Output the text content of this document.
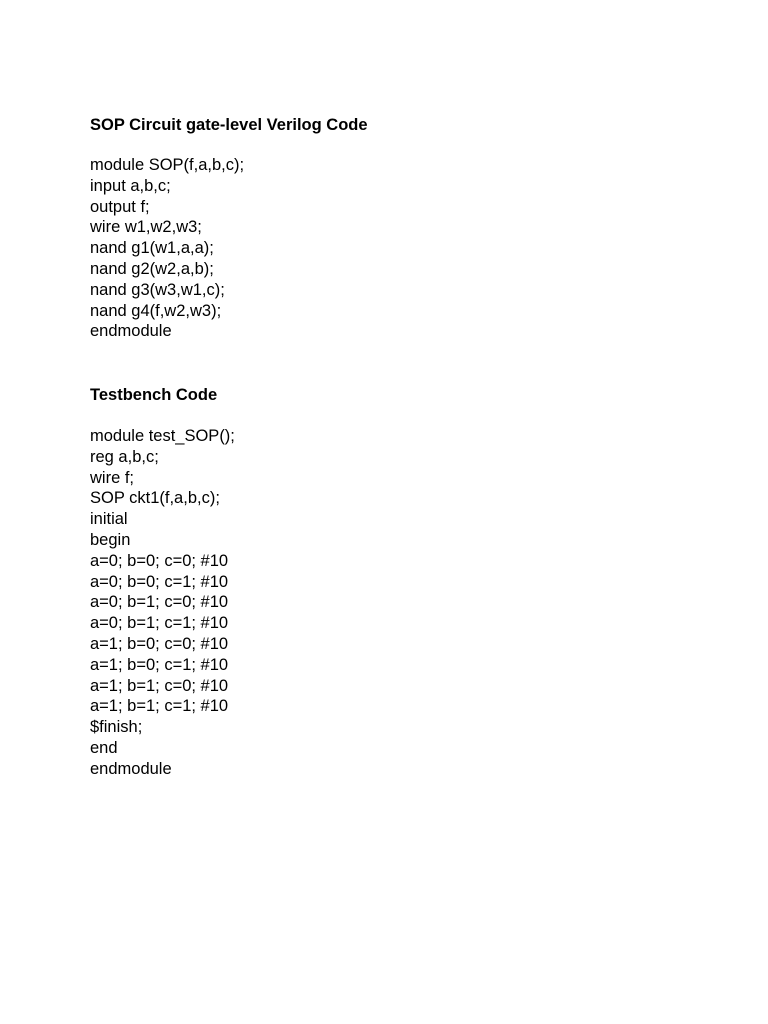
SOP Circuit gate-level Verilog Code
module SOP(f,a,b,c);
input a,b,c;
output f;
wire w1,w2,w3;
nand g1(w1,a,a);
nand g2(w2,a,b);
nand g3(w3,w1,c);
nand g4(f,w2,w3);
endmodule
Testbench Code
module test_SOP();
reg a,b,c;
wire f;
SOP ckt1(f,a,b,c);
initial
begin
a=0; b=0; c=0; #10
a=0; b=0; c=1; #10
a=0; b=1; c=0; #10
a=0; b=1; c=1; #10
a=1; b=0; c=0; #10
a=1; b=0; c=1; #10
a=1; b=1; c=0; #10
a=1; b=1; c=1; #10
$finish;
end
endmodule
